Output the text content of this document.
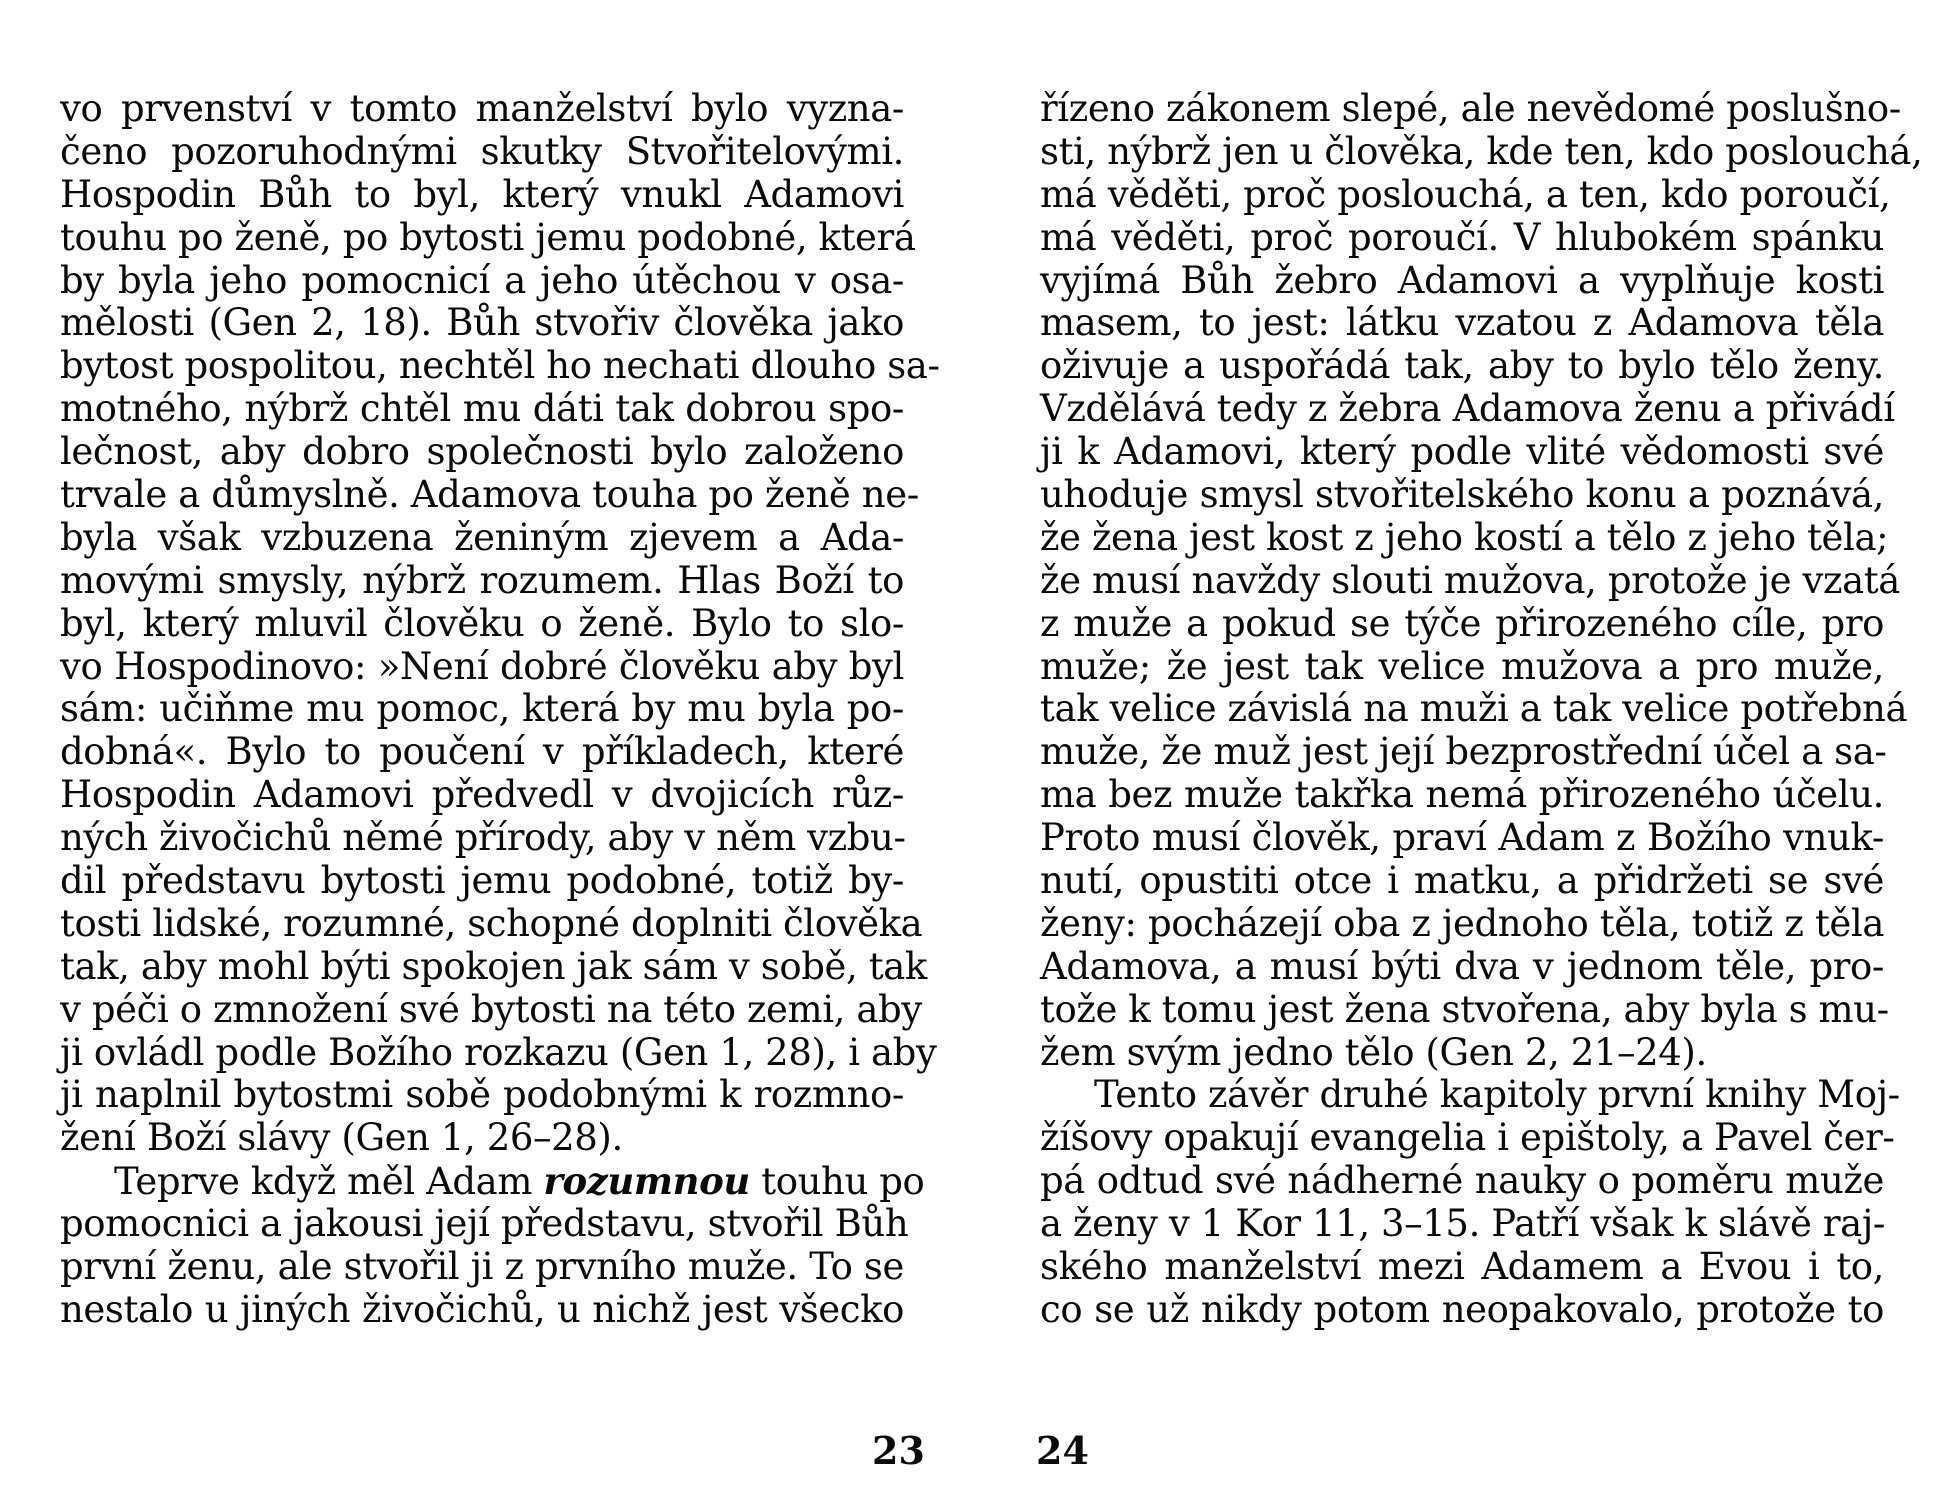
vo prvenství v tomto manželství bylo vyzna-
čeno pozoruhodnými skutky Stvořitelovými.
Hospodin Bůh to byl, který vnukl Adamovi
touhu po ženě, po bytosti jemu podobné, která
by byla jeho pomocnicí a jeho útěchou v osa-
mělosti (Gen 2, 18). Bůh stvořiv člověka jako
bytost pospolitou, nechtěl ho nechati dlouho sa-
motného, nýbrž chtěl mu dáti tak dobrou spo-
lečnost, aby dobro společnosti bylo založeno
trvale a důmyslně. Adamova touha po ženě ne-
byla však vzbuzena ženiným zjevem a Ada-
movými smysly, nýbrž rozumem. Hlas Boží to
byl, který mluvil člověku o ženě. Bylo to slo-
vo Hospodinovo: »Není dobré člověku aby byl
sám: učiňme mu pomoc, která by mu byla po-
dobná«. Bylo to poučení v příkladech, které
Hospodin Adamovi předvedl v dvojicích růz-
ných živočichů němé přírody, aby v něm vzbu-
dil představu bytosti jemu podobné, totiž by-
tosti lidské, rozumné, schopné doplniti člověka
tak, aby mohl býti spokojen jak sám v sobě, tak
v péči o zmnožení své bytosti na této zemi, aby
ji ovládl podle Božího rozkazu (Gen 1, 28), i aby
ji naplnil bytostmi sobě podobnými k rozmno-
žení Boží slávy (Gen 1, 26–28).
Teprve když měl Adam rozumnou touhu po
pomocnici a jakousi její představu, stvořil Bůh
první ženu, ale stvořil ji z prvního muže. To se
nestalo u jiných živočichů, u nichž jest všecko
řízeno zákonem slepé, ale nevědomé poslušno-
sti, nýbrž jen u člověka, kde ten, kdo poslouchá,
má věděti, proč poslouchá, a ten, kdo poroučí,
má věděti, proč poroučí. V hlubokém spánku
vyjímá Bůh žebro Adamovi a vyplňuje kosti
masem, to jest: látku vzatou z Adamova těla
oživuje a uspořádá tak, aby to bylo tělo ženy.
Vzdělává tedy z žebra Adamova ženu a přivádí
ji k Adamovi, který podle vlité vědomosti své
uhoduje smysl stvořitelského konu a poznává,
že žena jest kost z jeho kostí a tělo z jeho těla;
že musí navždy slouti mužova, protože je vzatá
z muže a pokud se týče přirozeného cíle, pro
muže; že jest tak velice mužova a pro muže,
tak velice závislá na muži a tak velice potřebná
muže, že muž jest její bezprostřední účel a sa-
ma bez muže takřka nemá přirozeného účelu.
Proto musí člověk, praví Adam z Božího vnuk-
nutí, opustiti otce i matku, a přidržeti se své
ženy: pocházejí oba z jednoho těla, totiž z těla
Adamova, a musí býti dva v jednom těle, pro-
tože k tomu jest žena stvořena, aby byla s mu-
žem svým jedno tělo (Gen 2, 21–24).
Tento závěr druhé kapitoly první knihy Moj-
žíšovy opakují evangelia i epištoly, a Pavel čer-
pá odtud své nádherné nauky o poměru muže
a ženy v 1 Kor 11, 3–15. Patří však k slávě raj-
ského manželství mezi Adamem a Evou i to,
co se už nikdy potom neopakovalo, protože to
23	24
